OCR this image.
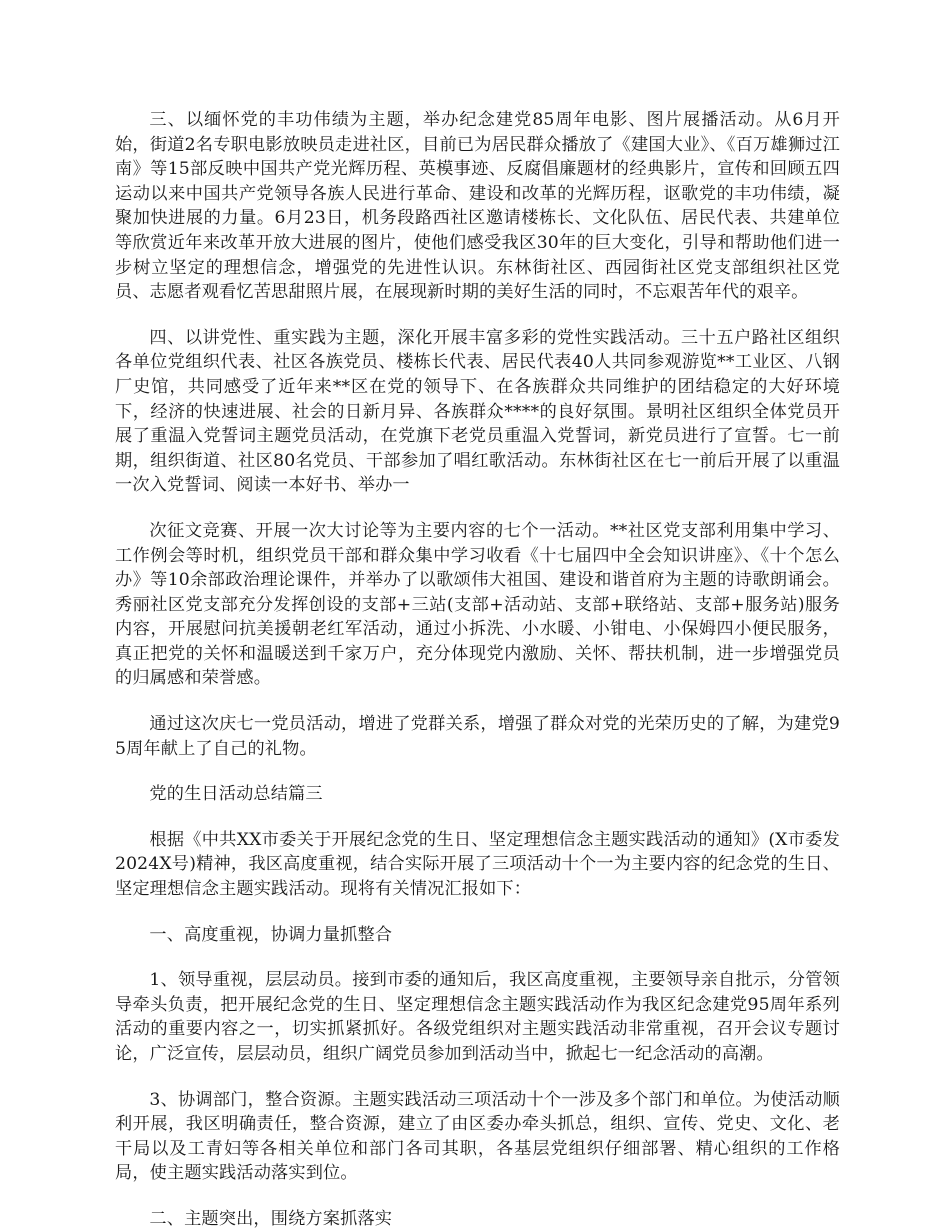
三、以缅怀党的丰功伟绩为主题，举办纪念建党85周年电影、图片展播活动。从6月开始，街道2名专职电影放映员走进社区，目前已为居民群众播放了《建国大业》、《百万雄狮过江南》等15部反映中国共产党光辉历程、英模事迹、反腐倡廉题材的经典影片，宣传和回顾五四运动以来中国共产党领导各族人民进行革命、建设和改革的光辉历程，讴歌党的丰功伟绩，凝聚加快进展的力量。6月23日，机务段路西社区邀请楼栋长、文化队伍、居民代表、共建单位等欣赏近年来改革开放大进展的图片，使他们感受我区30年的巨大变化，引导和帮助他们进一步树立坚定的理想信念，增强党的先进性认识。东林街社区、西园街社区党支部组织社区党员、志愿者观看忆苦思甜照片展，在展现新时期的美好生活的同时，不忘艰苦年代的艰辛。

四、以讲党性、重实践为主题，深化开展丰富多彩的党性实践活动。三十五户路社区组织各单位党组织代表、社区各族党员、楼栋长代表、居民代表40人共同参观游览**工业区、八钢厂史馆，共同感受了近年来**区在党的领导下、在各族群众共同维护的团结稳定的大好环境下，经济的快速进展、社会的日新月异、各族群众****的良好氛围。景明社区组织全体党员开展了重温入党誓词主题党员活动，在党旗下老党员重温入党誓词，新党员进行了宣誓。七一前期，组织街道、社区80名党员、干部参加了唱红歌活动。东林街社区在七一前后开展了以重温一次入党誓词、阅读一本好书、举办一

次征文竞赛、开展一次大讨论等为主要内容的七个一活动。**社区党支部利用集中学习、工作例会等时机，组织党员干部和群众集中学习收看《十七届四中全会知识讲座》、《十个怎么办》等10余部政治理论课件，并举办了以歌颂伟大祖国、建设和谐首府为主题的诗歌朗诵会。秀丽社区党支部充分发挥创设的支部+三站(支部+活动站、支部+联络站、支部+服务站)服务内容，开展慰问抗美援朝老红军活动，通过小拆洗、小水暖、小钳电、小保姆四小便民服务，真正把党的关怀和温暖送到千家万户，充分体现党内激励、关怀、帮扶机制，进一步增强党员的归属感和荣誉感。

通过这次庆七一党员活动，增进了党群关系，增强了群众对党的光荣历史的了解，为建党95周年献上了自己的礼物。

党的生日活动总结篇三

根据《中共XX市委关于开展纪念党的生日、坚定理想信念主题实践活动的通知》(X市委发2024X号)精神，我区高度重视，结合实际开展了三项活动十个一为主要内容的纪念党的生日、坚定理想信念主题实践活动。现将有关情况汇报如下：

一、高度重视，协调力量抓整合

1、领导重视，层层动员。接到市委的通知后，我区高度重视，主要领导亲自批示，分管领导牵头负责，把开展纪念党的生日、坚定理想信念主题实践活动作为我区纪念建党95周年系列活动的重要内容之一，切实抓紧抓好。各级党组织对主题实践活动非常重视，召开会议专题讨论，广泛宣传，层层动员，组织广阔党员参加到活动当中，掀起七一纪念活动的高潮。

3、协调部门，整合资源。主题实践活动三项活动十个一涉及多个部门和单位。为使活动顺利开展，我区明确责任，整合资源，建立了由区委办牵头抓总，组织、宣传、党史、文化、老干局以及工青妇等各相关单位和部门各司其职，各基层党组织仔细部署、精心组织的工作格局，使主题实践活动落实到位。

二、主题突出，围绕方案抓落实
